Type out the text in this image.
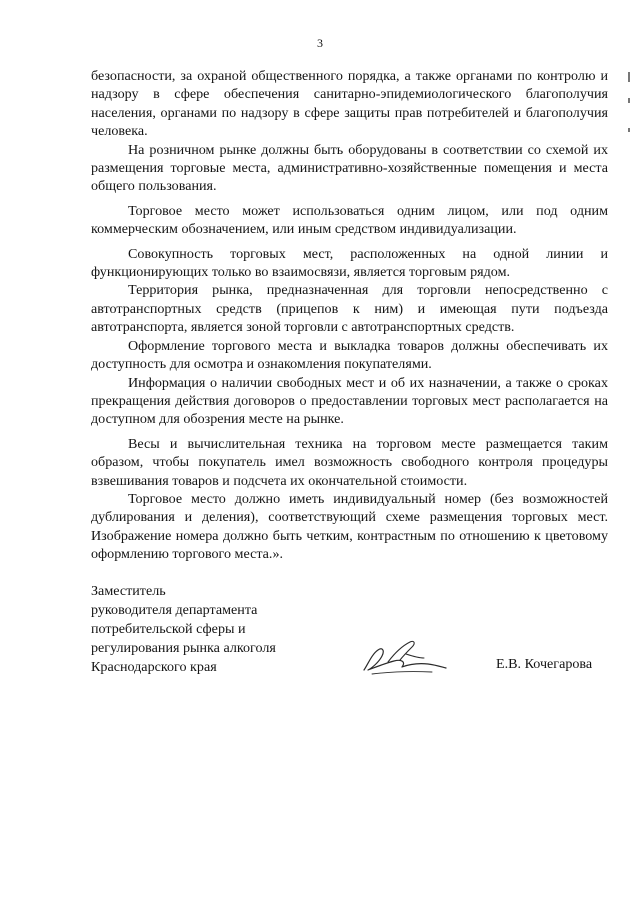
3

безопасности, за охраной общественного порядка, а также органами по контролю и надзору в сфере обеспечения санитарно-эпидемиологического благополучия населения, органами по надзору в сфере защиты прав потребителей и благополучия человека.

На розничном рынке должны быть оборудованы в соответствии со схемой их размещения торговые места, административно-хозяйственные помещения и места общего пользования.

Торговое место может использоваться одним лицом, или под одним коммерческим обозначением, или иным средством индивидуализации.

Совокупность торговых мест, расположенных на одной линии и функционирующих только во взаимосвязи, является торговым рядом.

Территория рынка, предназначенная для торговли непосредственно с автотранспортных средств (прицепов к ним) и имеющая пути подъезда автотранспорта, является зоной торговли с автотранспортных средств.

Оформление торгового места и выкладка товаров должны обеспечивать их доступность для осмотра и ознакомления покупателями.

Информация о наличии свободных мест и об их назначении, а также о сроках прекращения действия договоров о предоставлении торговых мест располагается на доступном для обозрения месте на рынке.

Весы и вычислительная техника на торговом месте размещается таким образом, чтобы покупатель имел возможность свободного контроля процедуры взвешивания товаров и подсчета их окончательной стоимости.

Торговое место должно иметь индивидуальный номер (без возможностей дублирования и деления), соответствующий схеме размещения торговых мест. Изображение номера должно быть четким, контрастным по отношению к цветовому оформлению торгового места.».

Заместитель
руководителя департамента
потребительской сферы и
регулирования рынка алкоголя
Краснодарского края	Е.В. Кочегарова
